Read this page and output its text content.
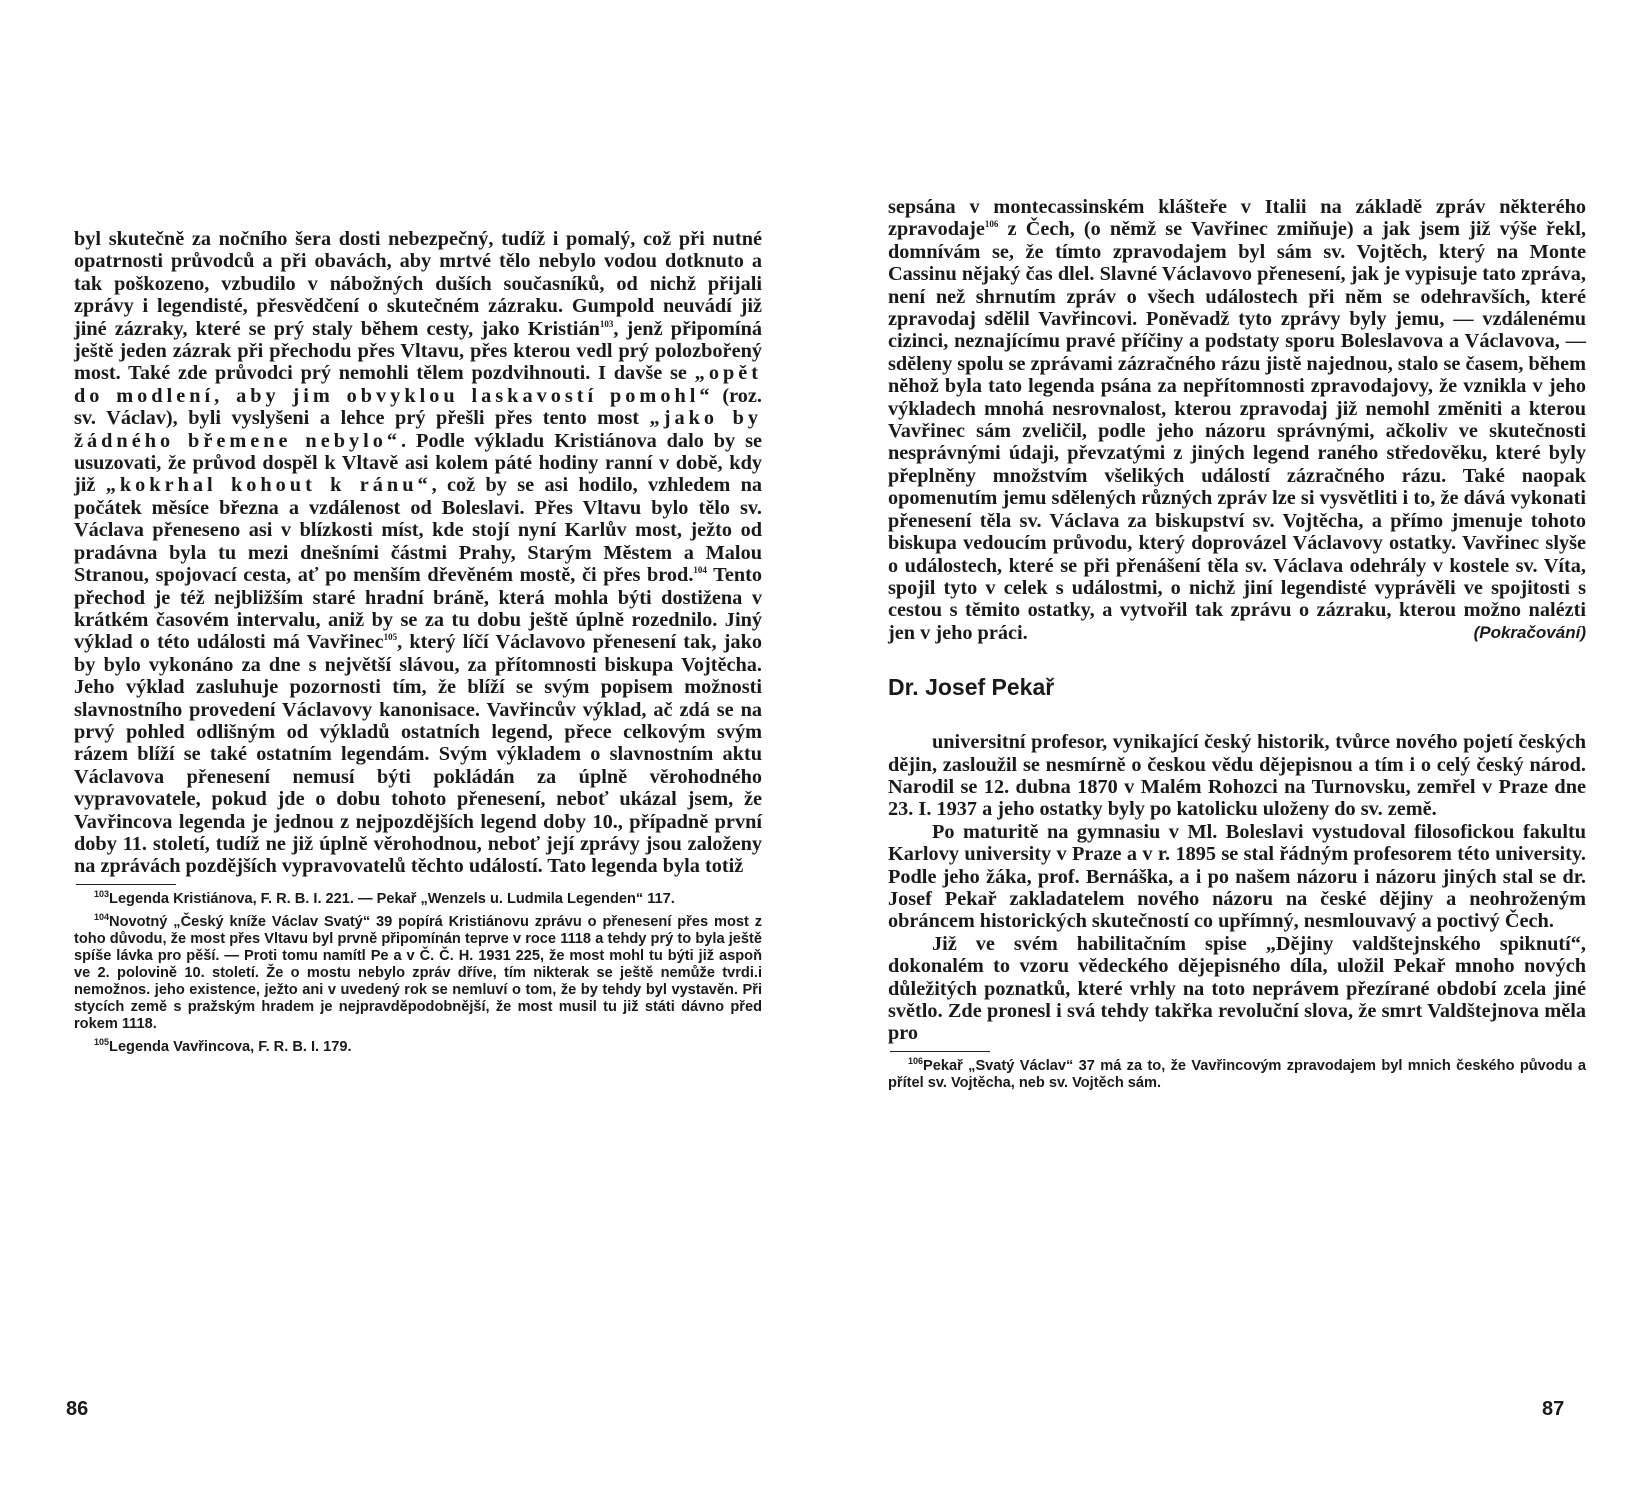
byl skutečně za nočního šera dosti nebezpečný, tudíž i pomalý, což při nutné opatrnosti průvodců a při obavách, aby mrtvé tělo nebylo vodou dotknuto a tak poškozeno, vzbudilo v nábožných duších současníků, od nichž přijali zprávy i legendisté, přesvědčení o skutečném zázraku. Gumpold neuvádí již jiné zázraky, které se prý staly během cesty, jako Kristián$^{103}$, jenž připomíná ještě jeden zázrak při přechodu přes Vltavu, přes kterou vedl prý polozbořený most. Také zde průvodci prý nemohli tělem pozdvihnouti. I davše se „opět do modlení, aby jim obvyklou laskavostí pomohl“ (roz. sv. Václav), byli vyslyšeni a lehce prý přešli přes tento most „jako by žádného břemene nebylo“. Podle výkladu Kristiánova dalo by se usuzovati, že průvod dospěl k Vltavě asi kolem páté hodiny ranní v době, kdy již „kokrhal kohout k ránu“, což by se asi hodilo, vzhledem na počátek měsíce března a vzdálenost od Boleslavi. Přes Vltavu bylo tělo sv. Václava přeneseno asi v blízkosti míst, kde stojí nyní Karlův most, ježto od pradávna byla tu mezi dnešními částmi Prahy, Starým Městem a Malou Stranou, spojovací cesta, ať po menším dřevěném mostě, či přes brod.$^{104}$ Tento přechod je též nejbližším staré hradní bráně, která mohla býti dostižena v krátkém časovém intervalu, aniž by se za tu dobu ještě úplně rozednilo. Jiný výklad o této události má Vavřinec$^{105}$, který líčí Václavovo přenesení tak, jako by bylo vykonáno za dne s největší slávou, za přítomnosti biskupa Vojtěcha. Jeho výklad zasluhuje pozornosti tím, že blíží se svým popisem možnosti slavnostního provedení Václavovy kanonisace. Vavřincův výklad, ač zdá se na prvý pohled odlišným od výkladů ostatních legend, přece celkovým svým rázem blíží se také ostatním legendám. Svým výkladem o slavnostním aktu Václavova přenesení nemusí býti pokládán za úplně věrohodného vypravovatele, pokud jde o dobu tohoto přenesení, neboť ukázal jsem, že Vavřincova legenda je jednou z nejpozdějších legend doby 10., případně první doby 11. století, tudíž ne již úplně věrohodnou, neboť její zprávy jsou založeny na zprávách pozdějších vypravovatelů těchto událostí. Tato legenda byla totiž

$^{103}$Legenda Kristiánova, F. R. B. I. 221. — Pekař „Wenzels u. Ludmila Legenden“ 117.

$^{104}$Novotný „Český kníže Václav Svatý“ 39 popírá Kristiánovu zprávu o přenesení přes most z toho důvodu, že most přes Vltavu byl prvně připomínán teprve v roce 1118 a tehdy prý to byla ještě spíše lávka pro pěší. — Proti tomu namítl Pe a v Č. Č. H. 1931 225, že most mohl tu býti již aspoň ve 2. polovině 10. století. Že o mostu nebylo zpráv dříve, tím nikterak se ještě nemůže tvrdi.i nemožnos. jeho existence, ježto ani v uvedený rok se nemluví o tom, že by tehdy byl vystavěn. Při stycích země s pražským hradem je nejpravděpodobnější, že most musil tu již státi dávno před rokem 1118.

$^{105}$Legenda Vavřincova, F. R. B. I. 179.

86

sepsána v montecassinském klášteře v Italii na základě zpráv některého zpravodaje$^{106}$ z Čech, (o němž se Vavřinec zmiňuje) a jak jsem již výše řekl, domnívám se, že tímto zpravodajem byl sám sv. Vojtěch, který na Monte Cassinu nějaký čas dlel. Slavné Václavovo přenesení, jak je vypisuje tato zpráva, není než shrnutím zpráv o všech událostech při něm se odehravších, které zpravodaj sdělil Vavřincovi. Poněvadž tyto zprávy byly jemu, — vzdálenému cizinci, neznajícímu pravé příčiny a podstaty sporu Boleslavova a Václavova, — sděleny spolu se zprávami zázračného rázu jistě najednou, stalo se časem, během něhož byla tato legenda psána za nepřítomnosti zpravodajovy, že vznikla v jeho výkladech mnohá nesrovnalost, kterou zpravodaj již nemohl změniti a kterou Vavřinec sám zveličil, podle jeho názoru správnými, ačkoliv ve skutečnosti nesprávnými údaji, převzatými z jiných legend raného středověku, které byly přeplněny množstvím všelikých událostí zázračného rázu. Také naopak opomenutím jemu sdělených různých zpráv lze si vysvětliti i to, že dává vykonati přenesení těla sv. Václava za biskupství sv. Vojtěcha, a přímo jmenuje tohoto biskupa vedoucím průvodu, který doprovázel Václavovy ostatky. Vavřinec slyše o událostech, které se při přenášení těla sv. Václava odehrály v kostele sv. Víta, spojil tyto v celek s událostmi, o nichž jiní legendisté vyprávěli ve spojitosti s cestou s těmito ostatky, a vytvořil tak zprávu o zázraku, kterou možno nalézti jen v jeho práci.	(Pokračování)

Dr. Josef Pekař

universitní profesor, vynikající český historik, tvůrce nového pojetí českých dějin, zasloužil se nesmírně o českou vědu dějepisnou a tím i o celý český národ. Narodil se 12. dubna 1870 v Malém Rohozci na Turnovsku, zemřel v Praze dne 23. I. 1937 a jeho ostatky byly po katolicku uloženy do sv. země.

Po maturitě na gymnasiu v Ml. Boleslavi vystudoval filosofickou fakultu Karlovy university v Praze a v r. 1895 se stal řádným profesorem této university. Podle jeho žáka, prof. Bernáška, a i po našem názoru i názoru jiných stal se dr. Josef Pekař zakladatelem nového názoru na české dějiny a neohroženým obráncem historických skutečností co upřímný, nesmlouvavý a poctivý Čech.

Již ve svém habilitačním spise „Dějiny valdštejnského spiknutí“, dokonalém to vzoru vědeckého dějepisného díla, uložil Pekař mnoho nových důležitých poznatků, které vrhly na toto neprávem přezírané období zcela jiné světlo. Zde pronesl i svá tehdy takřka revoluční slova, že smrt Valdštejnova měla pro

$^{106}$Pekař „Svatý Václav“ 37 má za to, že Vavřincovým zpravodajem byl mnich českého původu a přítel sv. Vojtěcha, neb sv. Vojtěch sám.

87
